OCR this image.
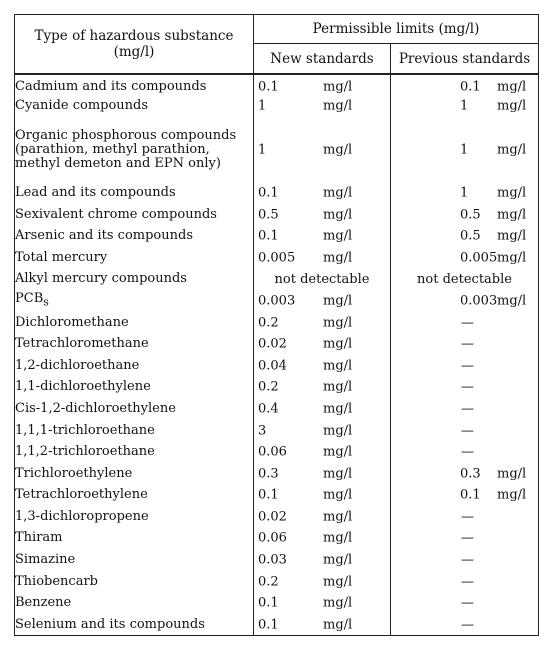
Type of hazardous substance (mg/l)	Permissible limits (mg/l)	
	New standards	Previous standards
Cadmium and its compounds	0.1 mg/l	0.1 mg/l

Cyanide compounds	1 mg/l	1 mg/l

Organic phosphorous compounds (parathion, methyl parathion, methyl demeton and EPN only)	1 mg/l	1 mg/l

Lead and its compounds	0.1 mg/l	1 mg/l

Sexivalent chrome compounds	0.5 mg/l	0.5 mg/l

Arsenic and its compounds	0.1 mg/l	0.5 mg/l

Total mercury	0.005 mg/l	0.005 mg/l

Alkyl mercury compounds	not detectable	not detectable
$PCB_s$	0.003 mg/l	0.003 mg/l

Dichloromethane	0.2 mg/l	—

Tetrachloromethane	0.02 mg/l	—

1,2-dichloroethane	0.04 mg/l	—

1,1-dichloroethylene	0.2 mg/l	—

Cis-1,2-dichloroethylene	0.4 mg/l	—

1,1,1-trichloroethane	3 mg/l	—

1,1,2-trichloroethane	0.06 mg/l	—

Trichloroethylene	0.3 mg/l	0.3 mg/l

Tetrachloroethylene	0.1 mg/l	0.1 mg/l

1,3-dichloropropene	0.02 mg/l	—

Thiram	0.06 mg/l	—

Simazine	0.03 mg/l	—

Thiobencarb	0.2 mg/l	—

Benzene	0.1 mg/l	—

Selenium and its compounds	0.1 mg/l	—
